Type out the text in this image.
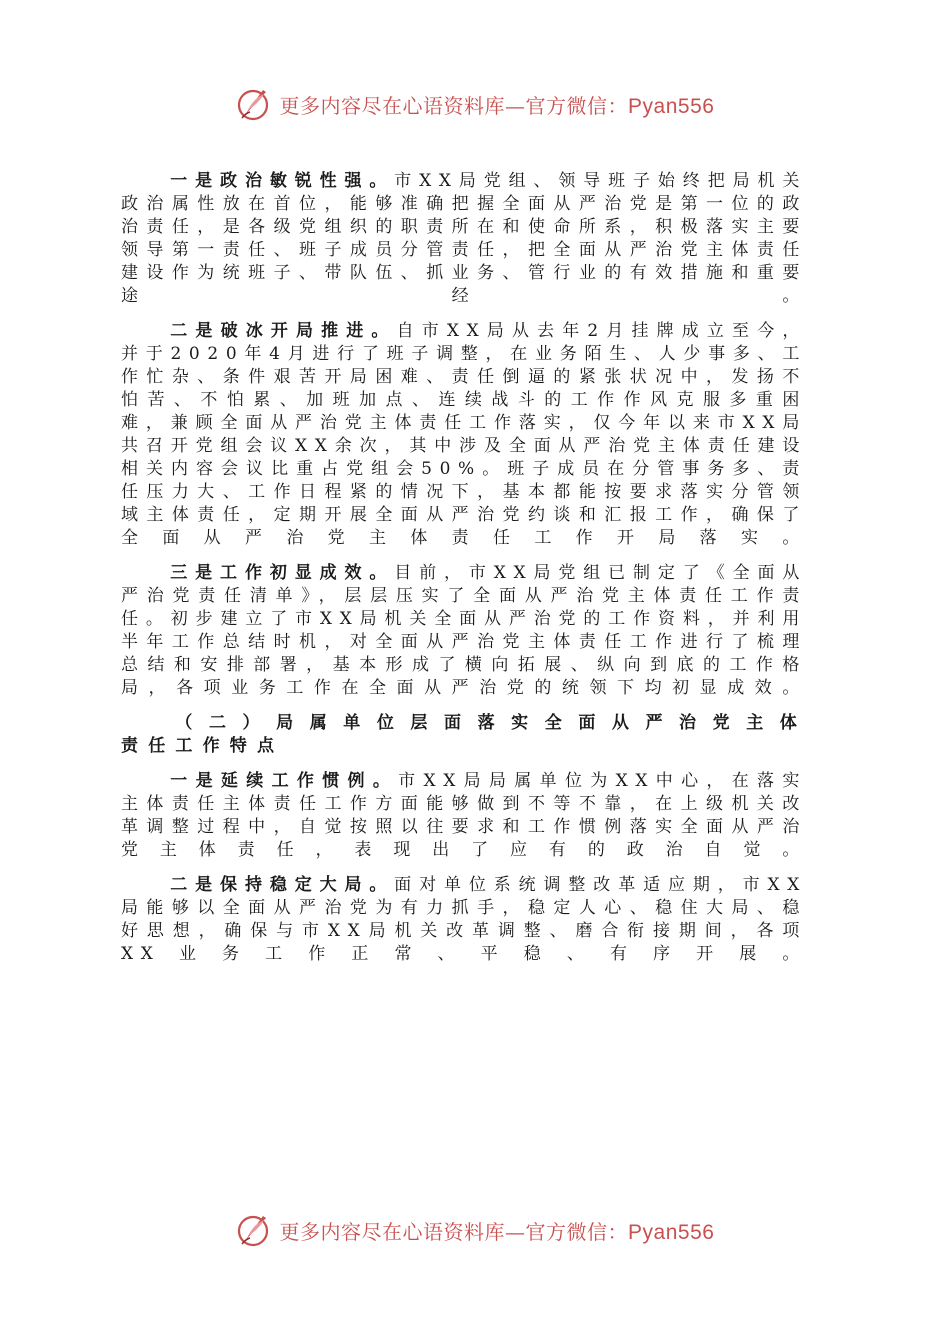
更多内容尽在心语资料库—官方微信：Pyan556

一是政治敏锐性强。市XX局党组、领导班子始终把局机关政治属性放在首位，能够准确把握全面从严治党是第一位的政治责任，是各级党组织的职责所在和使命所系，积极落实主要领导第一责任、班子成员分管责任，把全面从严治党主体责任建设作为统班子、带队伍、抓业务、管行业的有效措施和重要途经。

二是破冰开局推进。自市XX局从去年2月挂牌成立至今，并于2020年4月进行了班子调整，在业务陌生、人少事多、工作忙杂、条件艰苦开局困难、责任倒逼的紧张状况中，发扬不怕苦、不怕累、加班加点、连续战斗的工作作风克服多重困难，兼顾全面从严治党主体责任工作落实，仅今年以来市XX局共召开党组会议XX余次，其中涉及全面从严治党主体责任建设相关内容会议比重占党组会50%。班子成员在分管事务多、责任压力大、工作日程紧的情况下，基本都能按要求落实分管领域主体责任，定期开展全面从严治党约谈和汇报工作，确保了全面从严治党主体责任工作开局落实。

三是工作初显成效。目前，市XX局党组已制定了《全面从严治党责任清单》，层层压实了全面从严治党主体责任工作责任。初步建立了市XX局机关全面从严治党的工作资料，并利用半年工作总结时机，对全面从严治党主体责任工作进行了梳理总结和安排部署，基本形成了横向拓展、纵向到底的工作格局，各项业务工作在全面从严治党的统领下均初显成效。

（二）局属单位层面落实全面从严治党主体
责任工作特点

一是延续工作惯例。市XX局局属单位为XX中心，在落实主体责任主体责任工作方面能够做到不等不靠，在上级机关改革调整过程中，自觉按照以往要求和工作惯例落实全面从严治党主体责任，表现出了应有的政治自觉。

二是保持稳定大局。面对单位系统调整改革适应期，市XX局能够以全面从严治党为有力抓手，稳定人心、稳住大局、稳好思想，确保与市XX局机关改革调整、磨合衔接期间，各项XX业务工作正常、平稳、有序开展。

更多内容尽在心语资料库—官方微信：Pyan556
